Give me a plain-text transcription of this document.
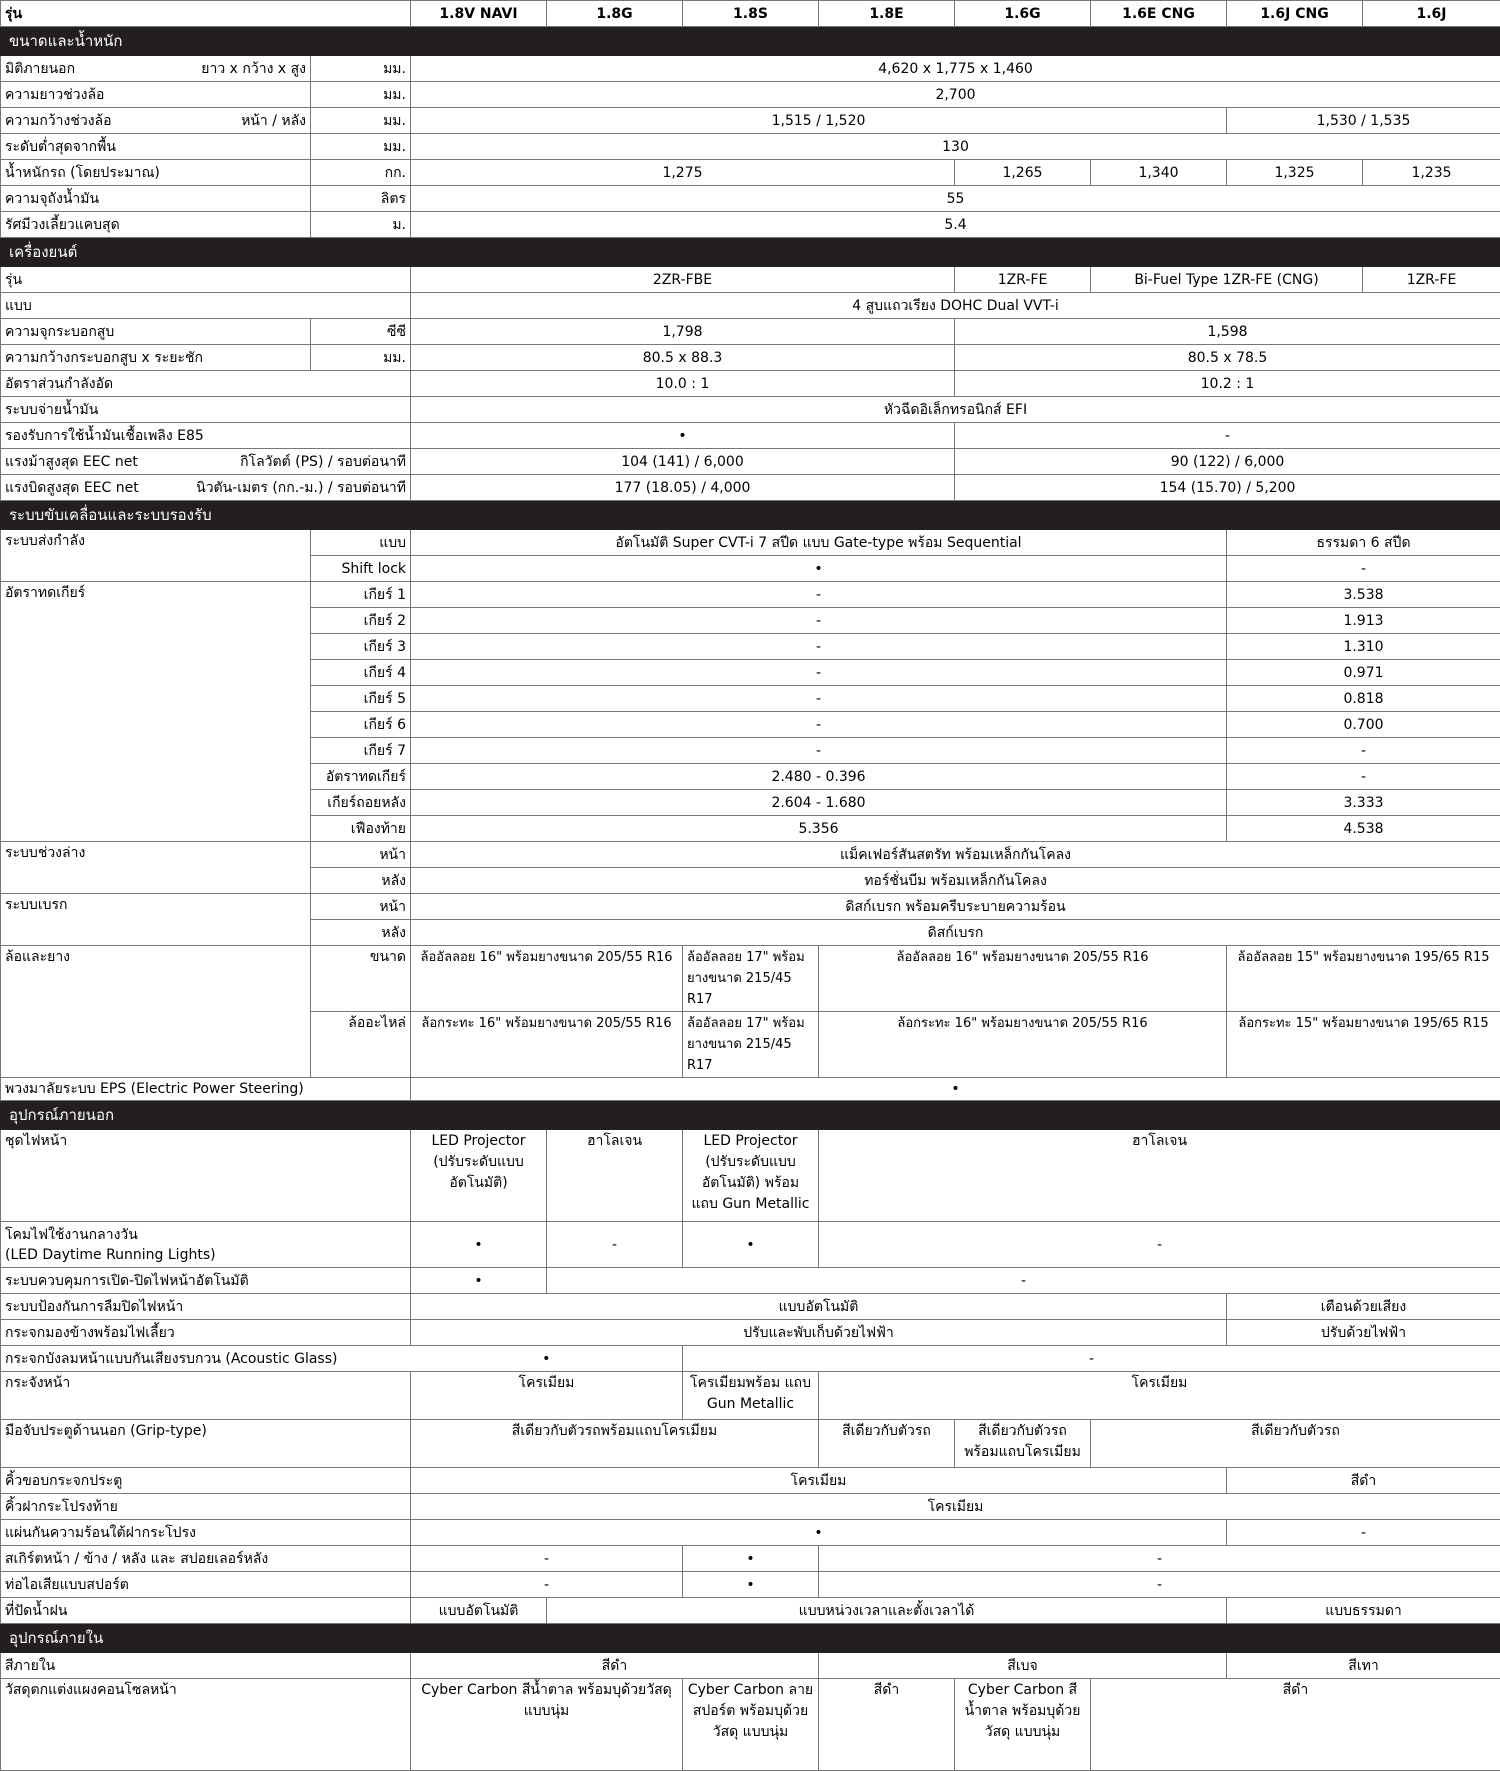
รุ่น		1.8V NAVI	1.8G	1.8S	1.8E	1.6G	1.6E CNG	1.6J CNG	1.6J
ขนาดและน้ำหนัก									
มิติภายนอก ยาว x กว้าง x สูง	มม.	4,620 x 1,775 x 1,460							
ความยาวช่วงล้อ	มม.	2,700							
ความกว้างช่วงล้อ หน้า / หลัง	มม.	1,515 / 1,520						1,530 / 1,535	
ระดับต่ำสุดจากพื้น	มม.	130							
น้ำหนักรถ (โดยประมาณ)	กก.	1,275				1,265	1,340	1,325	1,235
ความจุถังน้ำมัน	ลิตร	55							
รัศมีวงเลี้ยวแคบสุด	ม.	5.4							
เครื่องยนต์									
รุ่น		2ZR-FBE				1ZR-FE	Bi-Fuel Type 1ZR-FE (CNG)		1ZR-FE
แบบ		4 สูบแถวเรียง DOHC Dual VVT-i							
ความจุกระบอกสูบ	ซีซี	1,798				1,598			
ความกว้างกระบอกสูบ x ระยะชัก	มม.	80.5 x 88.3				80.5 x 78.5			
อัตราส่วนกำลังอัด		10.0 : 1				10.2 : 1			
ระบบจ่ายน้ำมัน		หัวฉีดอิเล็กทรอนิกส์ EFI							
รองรับการใช้น้ำมันเชื้อเพลิง E85		•				-			
แรงม้าสูงสุด EEC net กิโลวัตต์ (PS) / รอบต่อนาที		104 (141) / 6,000				90 (122) / 6,000			
แรงบิดสูงสุด EEC net นิวตัน-เมตร (กก.-ม.) / รอบต่อนาที		177 (18.05) / 4,000				154 (15.70) / 5,200			
ระบบขับเคลื่อนและระบบรองรับ									
ระบบส่งกำลัง	แบบ	อัตโนมัติ Super CVT-i 7 สปีด แบบ Gate-type พร้อม Sequential						ธรรมดา 6 สปีด	
	Shift lock	•						-	
อัตราทดเกียร์	เกียร์ 1	-						3.538	
	เกียร์ 2	-						1.913	
	เกียร์ 3	-						1.310	
	เกียร์ 4	-						0.971	
	เกียร์ 5	-						0.818	
	เกียร์ 6	-						0.700	
	เกียร์ 7	-						-	
	อัตราทดเกียร์	2.480 - 0.396						-	
	เกียร์ถอยหลัง	2.604 - 1.680						3.333	
	เฟืองท้าย	5.356						4.538	
ระบบช่วงล่าง	หน้า	แม็คเฟอร์สันสตรัท พร้อมเหล็กกันโคลง							
	หลัง	ทอร์ชั่นบีม พร้อมเหล็กกันโคลง							
ระบบเบรก	หน้า	ดิสก์เบรก พร้อมครีบระบายความร้อน							
	หลัง	ดิสก์เบรก							
ล้อและยาง	ขนาด	ล้ออัลลอย 16" พร้อมยางขนาด 205/55 R16		ล้ออัลลอย 17" พร้อม ยางขนาด 215/45 R17	ล้ออัลลอย 16" พร้อมยางขนาด 205/55 R16			ล้ออัลลอย 15" พร้อมยางขนาด 195/65 R15	
	ล้ออะไหล่	ล้อกระทะ 16" พร้อมยางขนาด 205/55 R16		ล้ออัลลอย 17" พร้อม ยางขนาด 215/45 R17	ล้อกระทะ 16" พร้อมยางขนาด 205/55 R16			ล้อกระทะ 15" พร้อมยางขนาด 195/65 R15	
พวงมาลัยระบบ EPS (Electric Power Steering)		•							
อุปกรณ์ภายนอก									
ชุดไฟหน้า		LED Projector (ปรับระดับแบบ อัตโนมัติ)	ฮาโลเจน	LED Projector (ปรับระดับแบบ อัตโนมัติ) พร้อม แถบ Gun Metallic	ฮาโลเจน				

โคมไฟใช้งานกลางวัน
(LED Daytime Running Lights)		•	-	•	-				
ระบบควบคุมการเปิด-ปิดไฟหน้าอัตโนมัติ		•	-						
ระบบป้องกันการลืมปิดไฟหน้า		แบบอัตโนมัติ						เตือนด้วยเสียง	
กระจกมองข้างพร้อมไฟเลี้ยว		ปรับและพับเก็บด้วยไฟฟ้า						ปรับด้วยไฟฟ้า	
กระจกบังลมหน้าแบบกันเสียงรบกวน (Acoustic Glass)		•		-					
กระจังหน้า		โครเมียม		โครเมียมพร้อม แถบ Gun Metallic	โครเมียม				
มือจับประตูด้านนอก (Grip-type)		สีเดียวกับตัวรถพร้อมแถบโครเมียม			สีเดียวกับตัวรถ	สีเดียวกับตัวรถ พร้อมแถบโครเมียม	สีเดียวกับตัวรถ		
คิ้วขอบกระจกประตู		โครเมียม						สีดำ	
คิ้วฝากระโปรงท้าย		โครเมียม							
แผ่นกันความร้อนใต้ฝากระโปรง		•						-	
สเกิร์ตหน้า / ข้าง / หลัง และ สปอยเลอร์หลัง		-		•	-				
ท่อไอเสียแบบสปอร์ต		-		•	-				
ที่ปัดน้ำฝน		แบบอัตโนมัติ	แบบหน่วงเวลาและตั้งเวลาได้					แบบธรรมดา	
อุปกรณ์ภายใน									
สีภายใน		สีดำ			สีเบจ			สีเทา	
วัสดุตกแต่งแผงคอนโซลหน้า		Cyber Carbon สีน้ำตาล พร้อมบุด้วยวัสดุแบบนุ่ม		Cyber Carbon ลายสปอร์ต พร้อมบุด้วยวัสดุ แบบนุ่ม	สีดำ	Cyber Carbon สีน้ำตาล พร้อมบุด้วยวัสดุ แบบนุ่ม	สีดำ		
